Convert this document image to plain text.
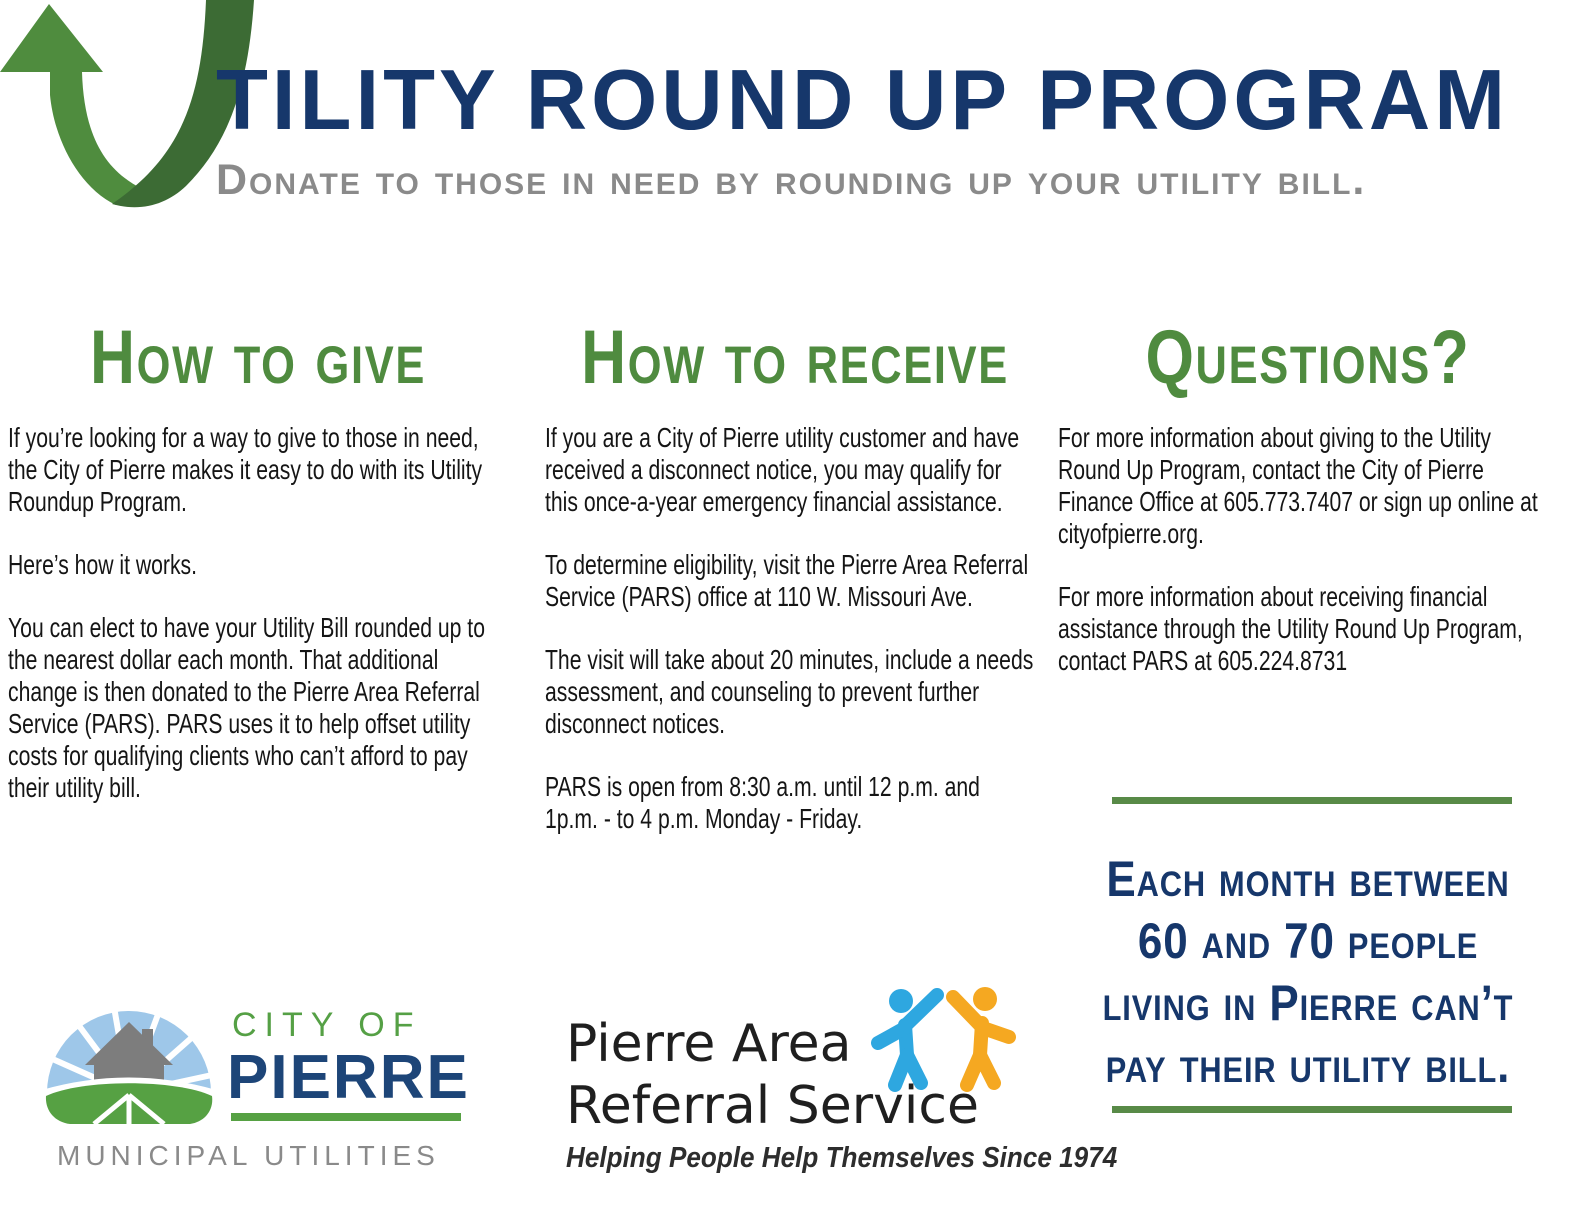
TILITY ROUND UP PROGRAM
Donate to those in need by rounding up your utility bill.
How to give

If you’re looking for a way to give to those in need, the City of Pierre makes it easy to do with its Utility Roundup Program.

Here’s how it works.

You can elect to have your Utility Bill rounded up to the nearest dollar each month. That additional change is then donated to the Pierre Area Referral Service (PARS). PARS uses it to help offset utility costs for qualifying clients who can’t afford to pay their utility bill.

How to receive

If you are a City of Pierre utility customer and have received a disconnect notice, you may qualify for this once-a-year emergency financial assistance.

To determine eligibility, visit the Pierre Area Referral Service (PARS) office at 110 W. Missouri Ave.

The visit will take about 20 minutes, include a needs assessment, and counseling to prevent further disconnect notices.

PARS is open from 8:30 a.m. until 12 p.m. and 1p.m. - to 4 p.m. Monday - Friday.

Questions?

For more information about giving to the Utility Round Up Program, contact the City of Pierre Finance Office at 605.773.7407 or sign up online at cityofpierre.org.

For more information about receiving financial assistance through the Utility Round Up Program, contact PARS at 605.224.8731

Each month between
60 and 70 people
living in Pierre can’t
pay their utility bill.
CITY OF
PIERRE
MUNICIPAL UTILITIES
Pierre Area
Referral Service
Helping People Help Themselves Since 1974
